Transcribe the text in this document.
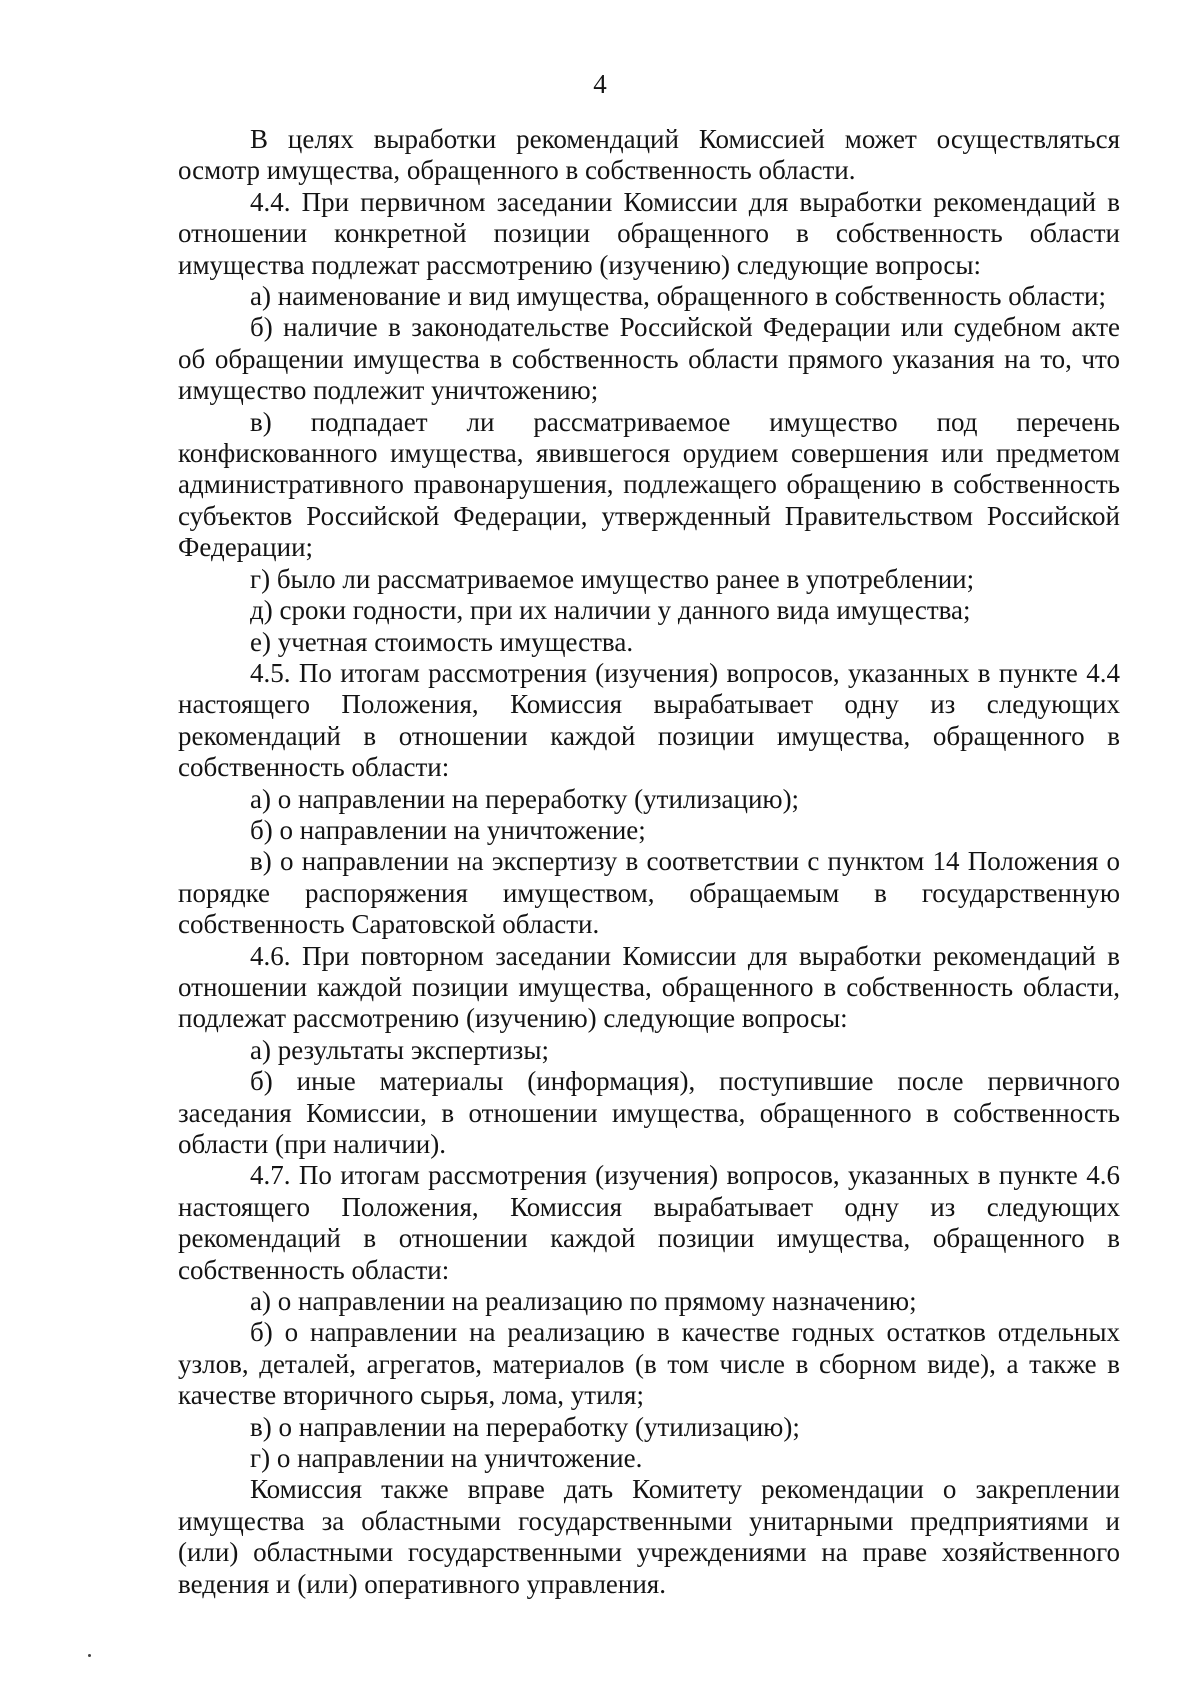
4

В целях выработки рекомендаций Комиссией может осуществляться осмотр имущества, обращенного в собственность области.

4.4. При первичном заседании Комиссии для выработки рекомендаций в отношении конкретной позиции обращенного в собственность области имущества подлежат рассмотрению (изучению) следующие вопросы:

а) наименование и вид имущества, обращенного в собственность области;

б) наличие в законодательстве Российской Федерации или судебном акте об обращении имущества в собственность области прямого указания на то, что имущество подлежит уничтожению;

в) подпадает ли рассматриваемое имущество под перечень конфискованного имущества, явившегося орудием совершения или предметом административного правонарушения, подлежащего обращению в собственность субъектов Российской Федерации, утвержденный Правительством Российской Федерации;

г) было ли рассматриваемое имущество ранее в употреблении;

д) сроки годности, при их наличии у данного вида имущества;

е) учетная стоимость имущества.

4.5. По итогам рассмотрения (изучения) вопросов, указанных в пункте 4.4 настоящего Положения, Комиссия вырабатывает одну из следующих рекомендаций в отношении каждой позиции имущества, обращенного в собственность области:

а) о направлении на переработку (утилизацию);

б) о направлении на уничтожение;

в) о направлении на экспертизу в соответствии с пунктом 14 Положения о порядке распоряжения имуществом, обращаемым в государственную собственность Саратовской области.

4.6. При повторном заседании Комиссии для выработки рекомендаций в отношении каждой позиции имущества, обращенного в собственность области, подлежат рассмотрению (изучению) следующие вопросы:

а) результаты экспертизы;

б) иные материалы (информация), поступившие после первичного заседания Комиссии, в отношении имущества, обращенного в собственность области (при наличии).

4.7. По итогам рассмотрения (изучения) вопросов, указанных в пункте 4.6 настоящего Положения, Комиссия вырабатывает одну из следующих рекомендаций в отношении каждой позиции имущества, обращенного в собственность области:

а) о направлении на реализацию по прямому назначению;

б) о направлении на реализацию в качестве годных остатков отдельных узлов, деталей, агрегатов, материалов (в том числе в сборном виде), а также в качестве вторичного сырья, лома, утиля;

в) о направлении на переработку (утилизацию);

г) о направлении на уничтожение.

Комиссия также вправе дать Комитету рекомендации о закреплении имущества за областными государственными унитарными предприятиями и (или) областными государственными учреждениями на праве хозяйственного ведения и (или) оперативного управления.
